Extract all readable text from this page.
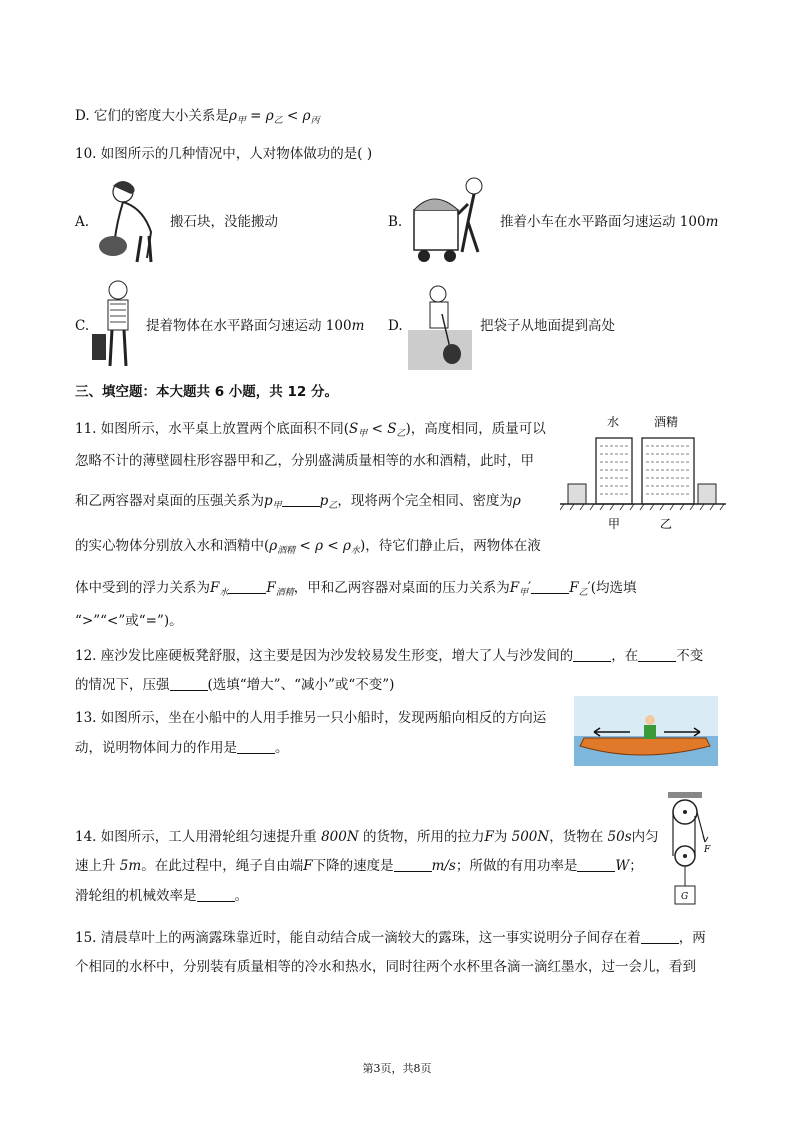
D. 它们的密度大小关系是$\rho_甲 = \rho_乙 < \rho_丙$
10. 如图所示的几种情况中，人对物体做功的是( )
A.	搬石块，没能搬动	B.	推着小车在水平路面匀速运动 100m
C.	提着物体在水平路面匀速运动 100m D.	把袋子从地面提到高处
三、填空题：本大题共 6 小题，共 12 分。
11. 如图所示，水平桌上放置两个底面积不同$(S_甲 < S_乙)$，高度相同，质量可以
忽略不计的薄壁圆柱形容器甲和乙，分别盛满质量相等的水和酒精，此时，甲
和乙两容器对桌面的压强关系为$p_甲$	$p_乙$，现将两个完全相同、密度为ρ
的实心物体分别放入水和酒精中$(\rho_{酒精} < \rho < \rho_水)$，待它们静止后，两物体在液
体中受到的浮力关系为$F_水$	$F_{酒精}$，甲和乙两容器对桌面的压力关系为$F_甲'$	$F_乙'$(均选填
“>”“<”或“=”)。
水	酒精
甲	乙
12. 座沙发比座硬板凳舒服，这主要是因为沙发较易发生形变，增大了人与沙发间的	，在	不变
的情况下，压强	(选填“增大”、“减小”或“不变”)
13. 如图所示，坐在小船中的人用手推另一只小船时，发现两船向相反的方向运
动，说明物体间力的作用是	。
14. 如图所示，工人用滑轮组匀速提升重 800N 的货物，所用的拉力F为 500N，货物在 50s内匀
速上升 5m。在此过程中，绳子自由端F下降的速度是	m/s；所做的有用功率是	W；
滑轮组的机械效率是	。
F
G
15. 清晨草叶上的两滴露珠靠近时，能自动结合成一滴较大的露珠，这一事实说明分子间存在着	，两
个相同的水杯中，分别装有质量相等的冷水和热水，同时往两个水杯里各滴一滴红墨水，过一会儿，看到
第3页，共8页
